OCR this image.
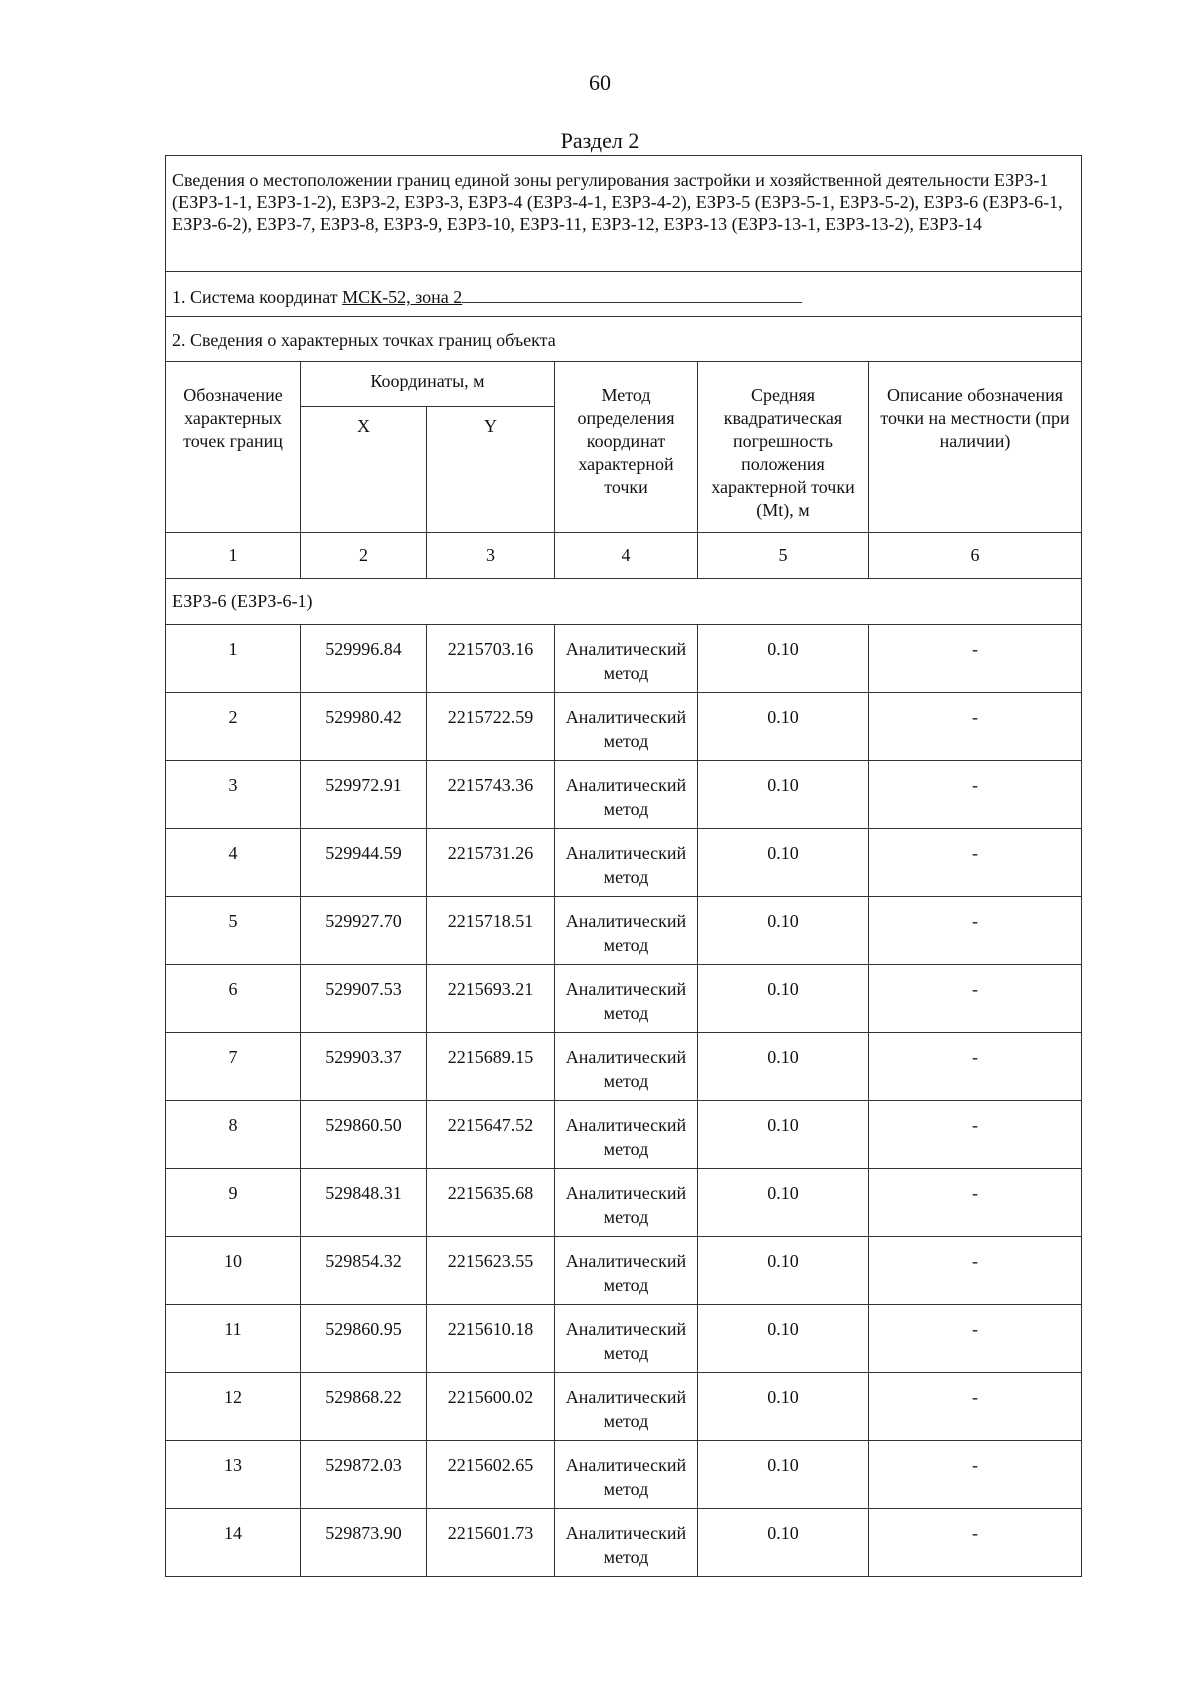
60
Раздел 2
Сведения о местоположении границ единой зоны регулирования застройки и хозяйственной деятельности ЕЗРЗ-1 (ЕЗРЗ-1-1, ЕЗРЗ-1-2), ЕЗРЗ-2, ЕЗРЗ-3, ЕЗРЗ-4 (ЕЗРЗ-4-1, ЕЗРЗ-4-2), ЕЗРЗ-5 (ЕЗРЗ-5-1, ЕЗРЗ-5-2), ЕЗРЗ-6 (ЕЗРЗ-6-1, ЕЗРЗ-6-2), ЕЗРЗ-7, ЕЗРЗ-8, ЕЗРЗ-9, ЕЗРЗ-10, ЕЗРЗ-11, ЕЗРЗ-12, ЕЗРЗ-13 (ЕЗРЗ-13-1, ЕЗРЗ-13-2), ЕЗРЗ-14					
1. Система координат МСК-52, зона 2					
2. Сведения о характерных точках границ объекта					
Обозначение характерных точек границ	Координаты, м		Метод определения координат характерной точки	Средняя квадратическая погрешность положения характерной точки (Mt), м	Описание обозначения точки на местности (при наличии)
	X	Y			
1	2	3	4	5	6
ЕЗРЗ-6 (ЕЗРЗ-6-1)					
1	529996.84	2215703.16	Аналитический метод	0.10	-
2	529980.42	2215722.59	Аналитический метод	0.10	-
3	529972.91	2215743.36	Аналитический метод	0.10	-
4	529944.59	2215731.26	Аналитический метод	0.10	-
5	529927.70	2215718.51	Аналитический метод	0.10	-
6	529907.53	2215693.21	Аналитический метод	0.10	-
7	529903.37	2215689.15	Аналитический метод	0.10	-
8	529860.50	2215647.52	Аналитический метод	0.10	-
9	529848.31	2215635.68	Аналитический метод	0.10	-
10	529854.32	2215623.55	Аналитический метод	0.10	-
11	529860.95	2215610.18	Аналитический метод	0.10	-
12	529868.22	2215600.02	Аналитический метод	0.10	-
13	529872.03	2215602.65	Аналитический метод	0.10	-
14	529873.90	2215601.73	Аналитический метод	0.10	-
